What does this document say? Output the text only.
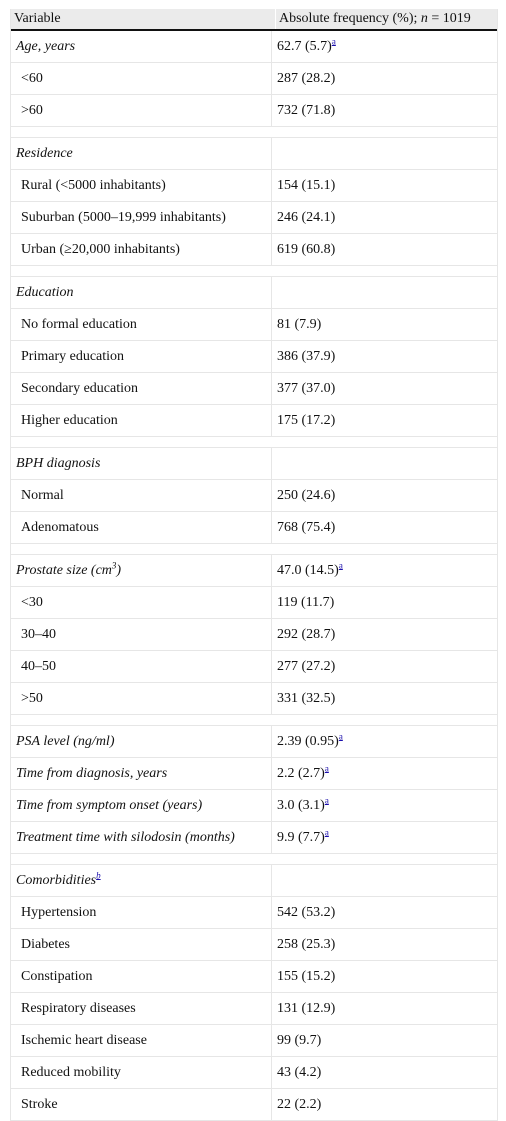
Variable	Absolute frequency (%); n = 1019
Age, years	62.7 (5.7)$^a$
<60	287 (28.2)
>60	732 (71.8)
Residence
Rural (<5000 inhabitants)	154 (15.1)
Suburban (5000–19,999 inhabitants)	246 (24.1)
Urban (≥20,000 inhabitants)	619 (60.8)
Education
No formal education	81 (7.9)
Primary education	386 (37.9)
Secondary education	377 (37.0)
Higher education	175 (17.2)
BPH diagnosis
Normal	250 (24.6)
Adenomatous	768 (75.4)
Prostate size $(cm^3)$	47.0 (14.5)$^a$
<30	119 (11.7)
30–40	292 (28.7)
40–50	277 (27.2)
>50	331 (32.5)
PSA level (ng/ml)	2.39 (0.95)$^a$
Time from diagnosis, years	2.2 (2.7)$^a$
Time from symptom onset (years)	3.0 (3.1)$^a$
Treatment time with silodosin (months)	9.9 (7.7)$^a$
Comorbidities$^b$
Hypertension	542 (53.2)
Diabetes	258 (25.3)
Constipation	155 (15.2)
Respiratory diseases	131 (12.9)
Ischemic heart disease	99 (9.7)
Reduced mobility	43 (4.2)
Stroke	22 (2.2)
